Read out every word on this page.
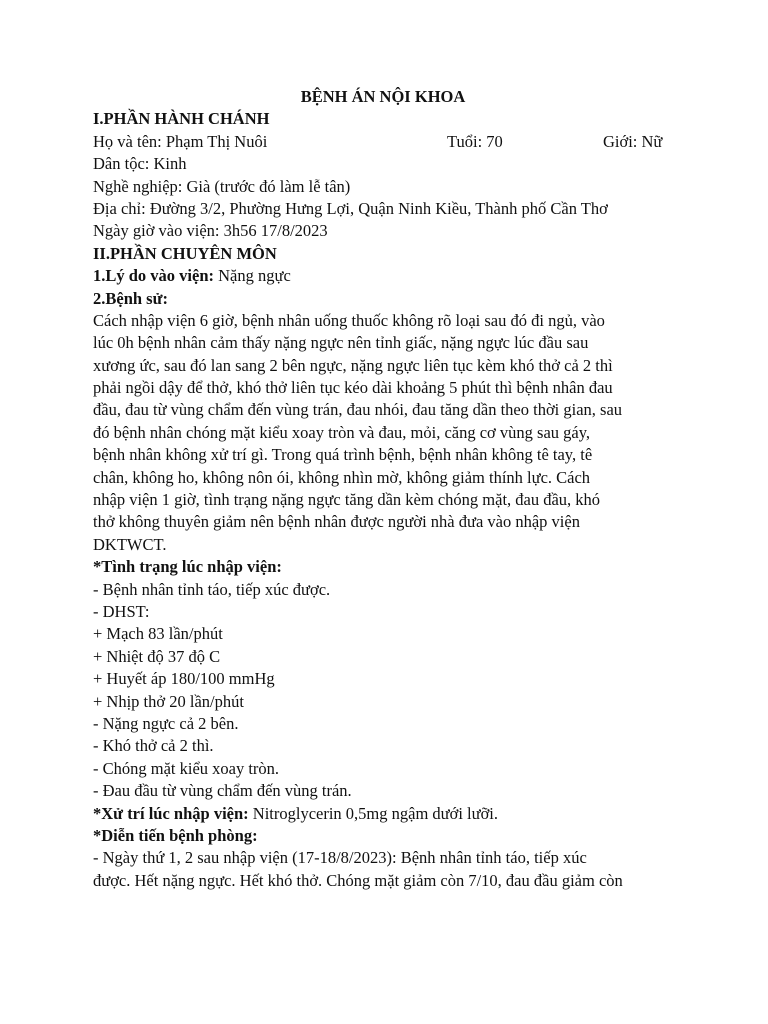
BỆNH ÁN NỘI KHOA
I.PHẦN HÀNH CHÁNH
Họ và tên: Phạm Thị Nuôi	Tuổi: 70	Giới: Nữ
Dân tộc: Kinh
Nghề nghiệp: Già (trước đó làm lễ tân)
Địa chỉ: Đường 3/2, Phường Hưng Lợi, Quận Ninh Kiều, Thành phố Cần Thơ
Ngày giờ vào viện: 3h56 17/8/2023
II.PHẦN CHUYÊN MÔN
1.Lý do vào viện: Nặng ngực
2.Bệnh sử:
Cách nhập viện 6 giờ, bệnh nhân uống thuốc không rõ loại sau đó đi ngủ, vào
lúc 0h bệnh nhân cảm thấy nặng ngực nên tỉnh giấc, nặng ngực lúc đầu sau
xương ức, sau đó lan sang 2 bên ngực, nặng ngực liên tục kèm khó thở cả 2 thì
phải ngồi dậy để thở, khó thở liên tục kéo dài khoảng 5 phút thì bệnh nhân đau
đầu, đau từ vùng chẩm đến vùng trán, đau nhói, đau tăng dần theo thời gian, sau
đó bệnh nhân chóng mặt kiểu xoay tròn và đau, mỏi, căng cơ vùng sau gáy,
bệnh nhân không xử trí gì. Trong quá trình bệnh, bệnh nhân không tê tay, tê
chân, không ho, không nôn ói, không nhìn mờ, không giảm thính lực. Cách
nhập viện 1 giờ, tình trạng nặng ngực tăng dần kèm chóng mặt, đau đầu, khó
thở không thuyên giảm nên bệnh nhân được người nhà đưa vào nhập viện
DKTWCT.
*Tình trạng lúc nhập viện:
- Bệnh nhân tỉnh táo, tiếp xúc được.
- DHST:
+ Mạch 83 lần/phút
+ Nhiệt độ 37 độ C
+ Huyết áp 180/100 mmHg
+ Nhịp thở 20 lần/phút
- Nặng ngực cả 2 bên.
- Khó thở cả 2 thì.
- Chóng mặt kiểu xoay tròn.
- Đau đầu từ vùng chẩm đến vùng trán.
*Xử trí lúc nhập viện: Nitroglycerin 0,5mg ngậm dưới lưỡi.
*Diễn tiến bệnh phòng:
- Ngày thứ 1, 2 sau nhập viện (17-18/8/2023): Bệnh nhân tỉnh táo, tiếp xúc
được. Hết nặng ngực. Hết khó thở. Chóng mặt giảm còn 7/10, đau đầu giảm còn
